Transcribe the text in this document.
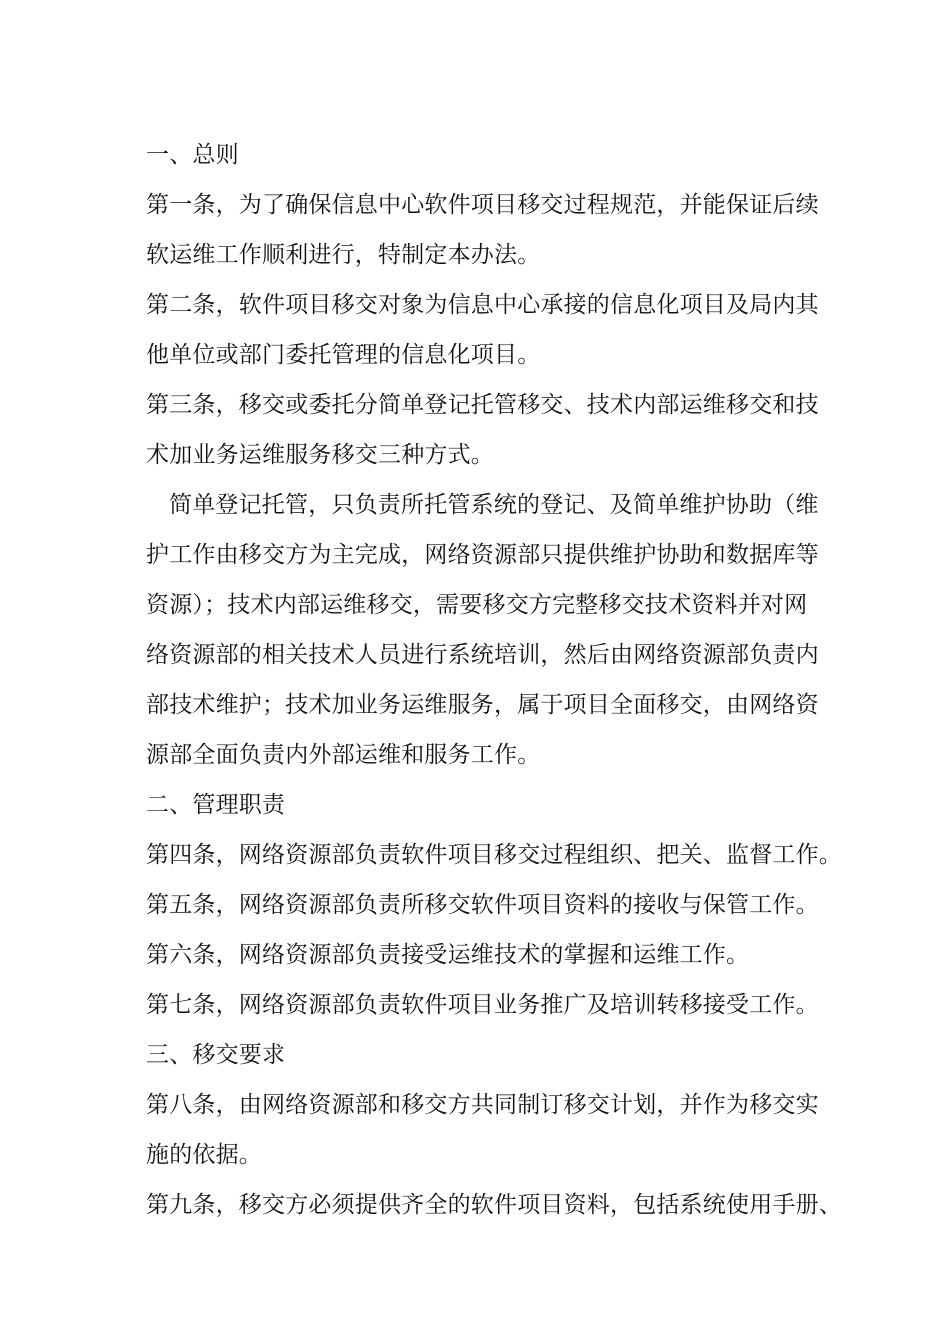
一、总则
第一条，为了确保信息中心软件项目移交过程规范，并能保证后续
软运维工作顺利进行，特制定本办法。
第二条，软件项目移交对象为信息中心承接的信息化项目及局内其
他单位或部门委托管理的信息化项目。
第三条，移交或委托分简单登记托管移交、技术内部运维移交和技
术加业务运维服务移交三种方式。
简单登记托管，只负责所托管系统的登记、及简单维护协助（维
护工作由移交方为主完成，网络资源部只提供维护协助和数据库等
资源）；技术内部运维移交，需要移交方完整移交技术资料并对网
络资源部的相关技术人员进行系统培训，然后由网络资源部负责内
部技术维护；技术加业务运维服务，属于项目全面移交，由网络资
源部全面负责内外部运维和服务工作。
二、管理职责
第四条，网络资源部负责软件项目移交过程组织、把关、监督工作。
第五条，网络资源部负责所移交软件项目资料的接收与保管工作。
第六条，网络资源部负责接受运维技术的掌握和运维工作。
第七条，网络资源部负责软件项目业务推广及培训转移接受工作。
三、移交要求
第八条，由网络资源部和移交方共同制订移交计划，并作为移交实
施的依据。
第九条，移交方必须提供齐全的软件项目资料，包括系统使用手册、
